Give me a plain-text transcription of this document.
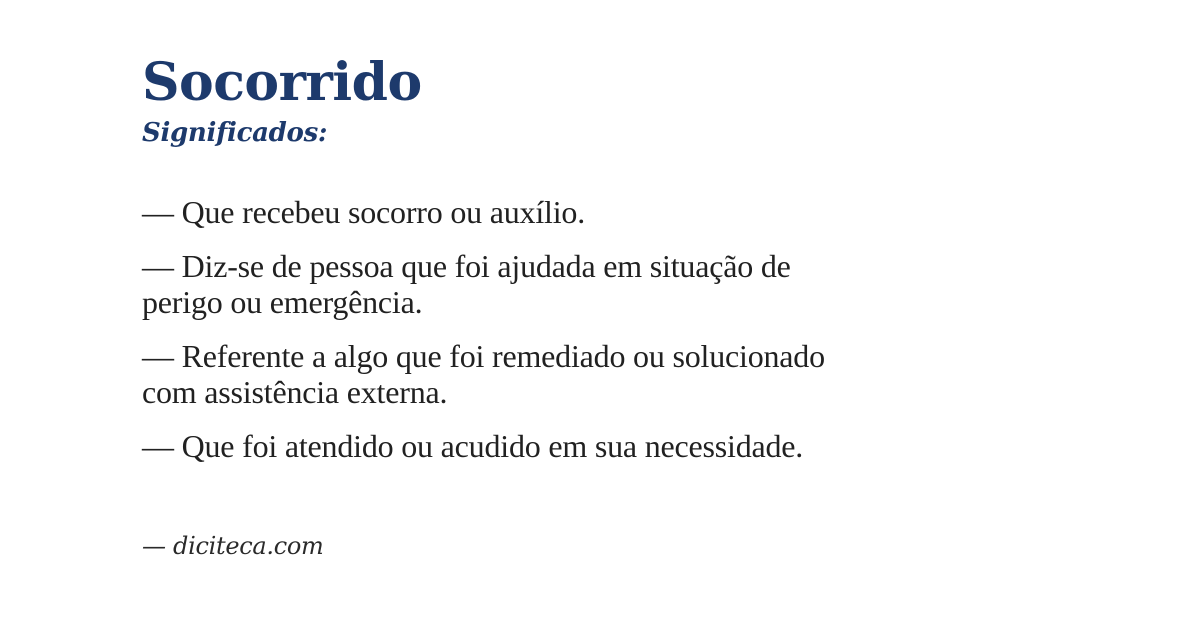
Socorrido
Significados:

— Que recebeu socorro ou auxílio.

— Diz-se de pessoa que foi ajudada em situação de
perigo ou emergência.

— Referente a algo que foi remediado ou solucionado
com assistência externa.

— Que foi atendido ou acudido em sua necessidade.

— diciteca.com
